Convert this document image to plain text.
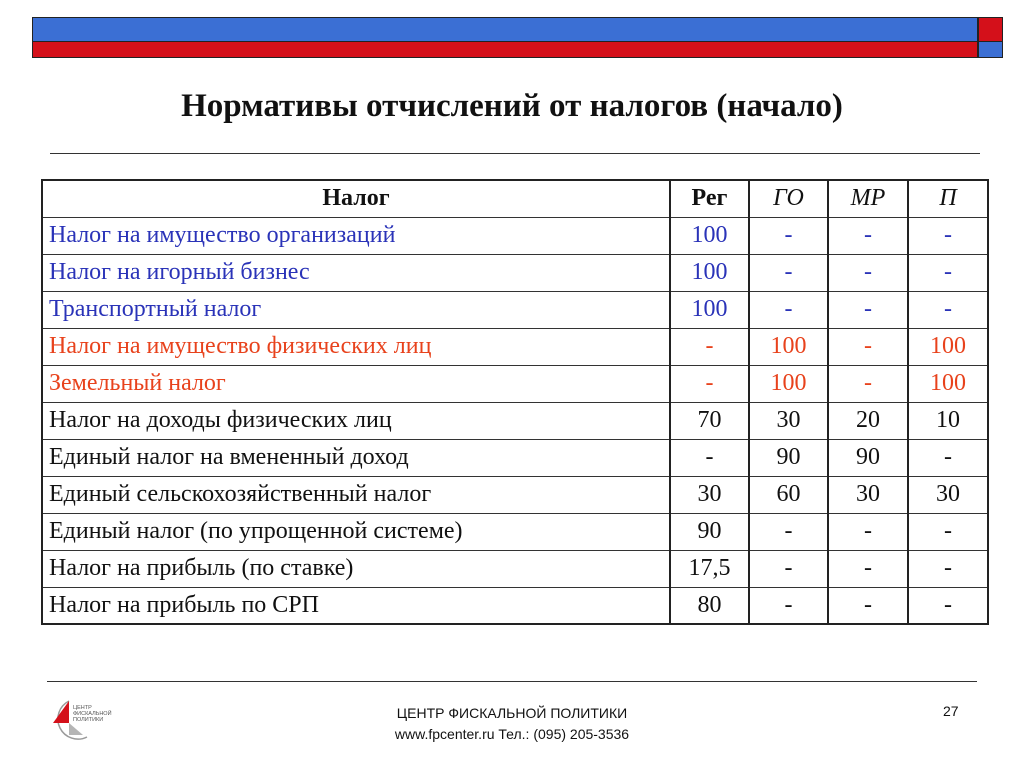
Нормативы отчислений от налогов (начало)
Налог	Рег	ГО	МР	П
Налог на имущество организаций	100	-	-	-
Налог на игорный бизнес	100	-	-	-
Транспортный налог	100	-	-	-
Налог на имущество физических лиц	-	100	-	100
Земельный налог	-	100	-	100
Налог на доходы физических лиц	70	30	20	10
Единый налог на вмененный доход	-	90	90	-
Единый сельскохозяйственный налог	30	60	30	30
Единый налог (по упрощенной системе)	90	-	-	-
Налог на прибыль (по ставке)	17,5	-	-	-
Налог на прибыль по СРП	80	-	-	-
ЦЕНТР
ФИСКАЛЬНОЙ
ПОЛИТИКИ	ЦЕНТР ФИСКАЛЬНОЙ ПОЛИТИКИ
www.fpcenter.ru Тел.: (095) 205-3536
27
